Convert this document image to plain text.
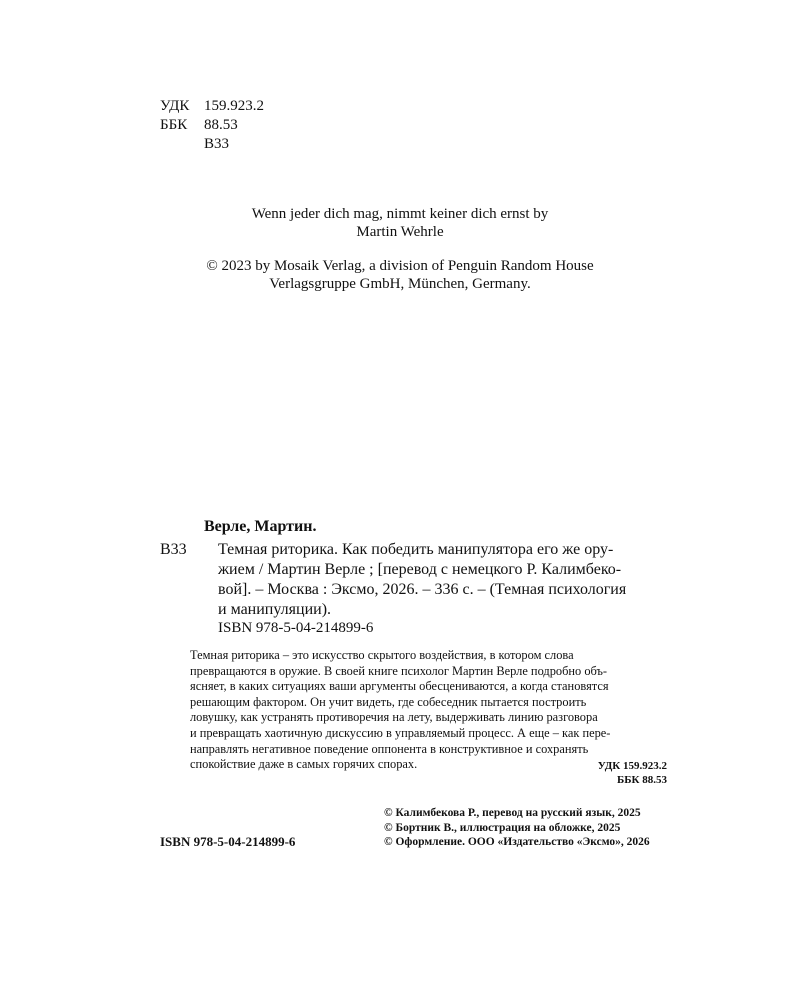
УДК 159.923.2
ББК	88.53
В33
Wenn jeder dich mag, nimmt keiner dich ernst by
Martin Wehrle
© 2023 by Mosaik Verlag, a division of Penguin Random House
Verlagsgruppe GmbH, München, Germany.
Верле, Мартин.
В33 Темная риторика. Как победить манипулятора его же ору-
жием / Мартин Верле ; [перевод с немецкого Р. Калимбеко-
вой]. – Москва : Эксмо, 2026. – 336 с. – (Темная психология
и манипуляции).
ISBN 978-5-04-214899-6
Темная риторика – это искусство скрытого воздействия, в котором слова
превращаются в оружие. В своей книге психолог Мартин Верле подробно объ-
ясняет, в каких ситуациях ваши аргументы обесцениваются, а когда становятся
решающим фактором. Он учит видеть, где собеседник пытается построить
ловушку, как устранять противоречия на лету, выдерживать линию разговора
и превращать хаотичную дискуссию в управляемый процесс. А еще – как пере-
направлять негативное поведение оппонента в конструктивное и сохранять
спокойствие даже в самых горячих спорах.	УДК 159.923.2
ББК 88.53
ISBN 978-5-04-214899-6
© Калимбекова Р., перевод на русский язык, 2025
© Бортник В., иллюстрация на обложке, 2025
© Оформление. ООО «Издательство «Эксмо», 2026
